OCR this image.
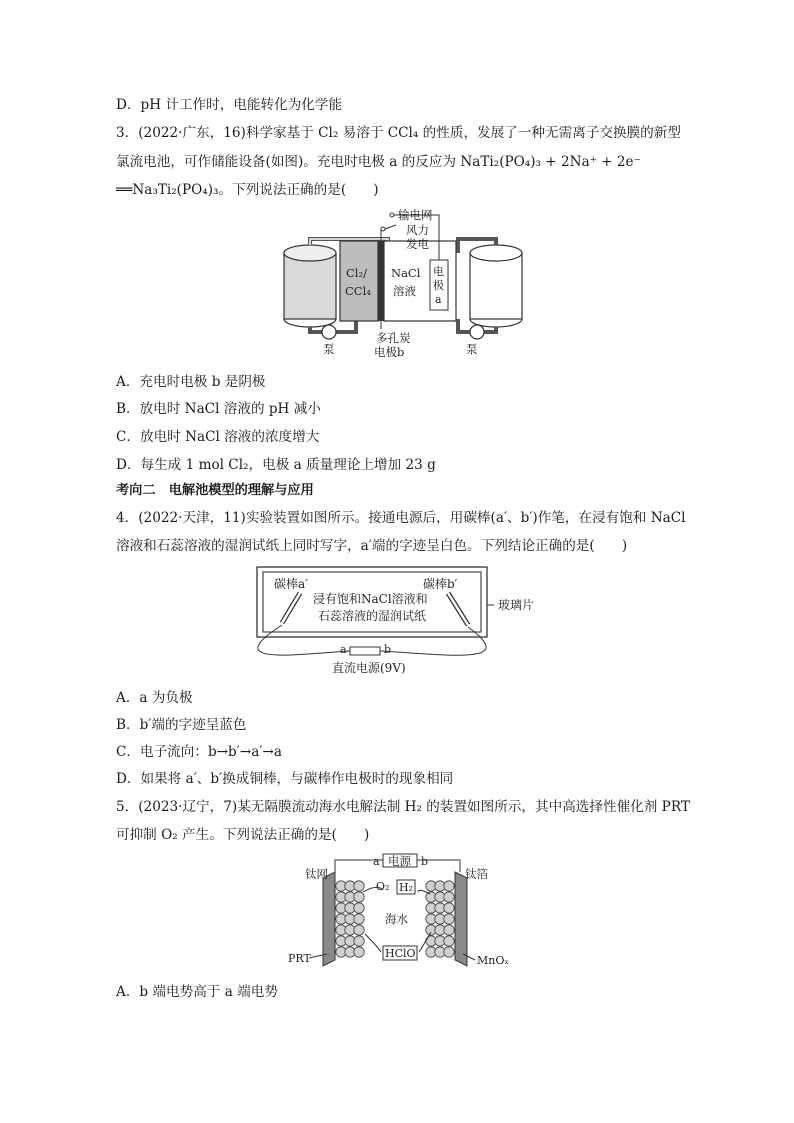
D．pH 计工作时，电能转化为化学能
3．(2022·广东，16)科学家基于 Cl₂ 易溶于 CCl₄ 的性质，发展了一种无需离子交换膜的新型
氯流电池，可作储能设备(如图)。充电时电极 a 的反应为 NaTi₂(PO₄)₃ + 2Na⁺ + 2e⁻
══Na₃Ti₂(PO₄)₃。下列说法正确的是(　　)
输电网
风力
发电
Cl₂/
CCl₄
NaCl
溶液
电
极
a
泵	泵
多孔炭
电极b
A．充电时电极 b 是阴极
B．放电时 NaCl 溶液的 pH 减小
C．放电时 NaCl 溶液的浓度增大
D．每生成 1 mol Cl₂，电极 a 质量理论上增加 23 g
考向二　电解池模型的理解与应用
4．(2022·天津，11)实验装置如图所示。接通电源后，用碳棒(a′、b′)作笔，在浸有饱和 NaCl
溶液和石蕊溶液的湿润试纸上同时写字，a′端的字迹呈白色。下列结论正确的是(　　)
碳棒a′	碳棒b′
浸有饱和NaCl溶液和
石蕊溶液的湿润试纸
玻璃片
a	b
直流电源(9V)
A．a 为负极
B．b′端的字迹呈蓝色
C．电子流向：b→b′→a′→a
D．如果将 a′、b′换成铜棒，与碳棒作电极时的现象相同
5．(2023·辽宁，7)某无隔膜流动海水电解法制 H₂ 的装置如图所示，其中高选择性催化剂 PRT
可抑制 O₂ 产生。下列说法正确的是(　　)
a 电源 b
钛网	钛箔
O₂ H₂
海水
HClO
PRT	MnOₓ
A．b 端电势高于 a 端电势
